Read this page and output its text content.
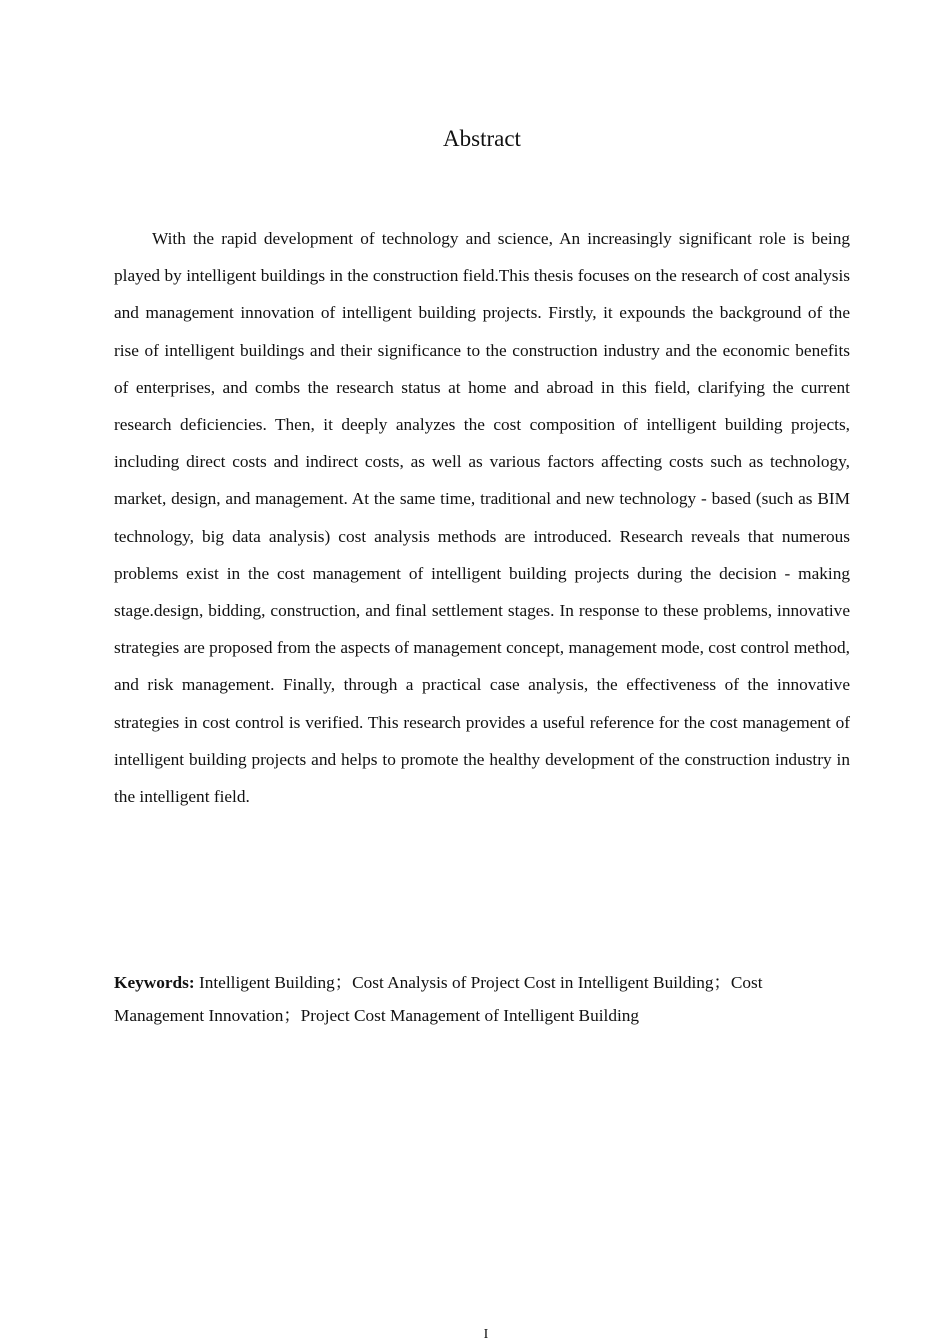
Abstract

With the rapid development of technology and science, An increasingly significant role is being played by intelligent buildings in the construction field.This thesis focuses on the research of cost analysis and management innovation of intelligent building projects. Firstly, it expounds the background of the rise of intelligent buildings and their significance to the construction industry and the economic benefits of enterprises, and combs the research status at home and abroad in this field, clarifying the current research deficiencies. Then, it deeply analyzes the cost composition of intelligent building projects, including direct costs and indirect costs, as well as various factors affecting costs such as technology, market, design, and management. At the same time, traditional and new technology - based (such as BIM technology, big data analysis) cost analysis methods are introduced. Research reveals that numerous problems exist in the cost management of intelligent building projects during the decision - making stage.design, bidding, construction, and final settlement stages. In response to these problems, innovative strategies are proposed from the aspects of management concept, management mode, cost control method, and risk management. Finally, through a practical case analysis, the effectiveness of the innovative strategies in cost control is verified. This research provides a useful reference for the cost management of intelligent building projects and helps to promote the healthy development of the construction industry in the intelligent field.

Keywords: Intelligent Building；Cost Analysis of Project Cost in Intelligent Building；Cost Management Innovation；Project Cost Management of Intelligent Building

I
